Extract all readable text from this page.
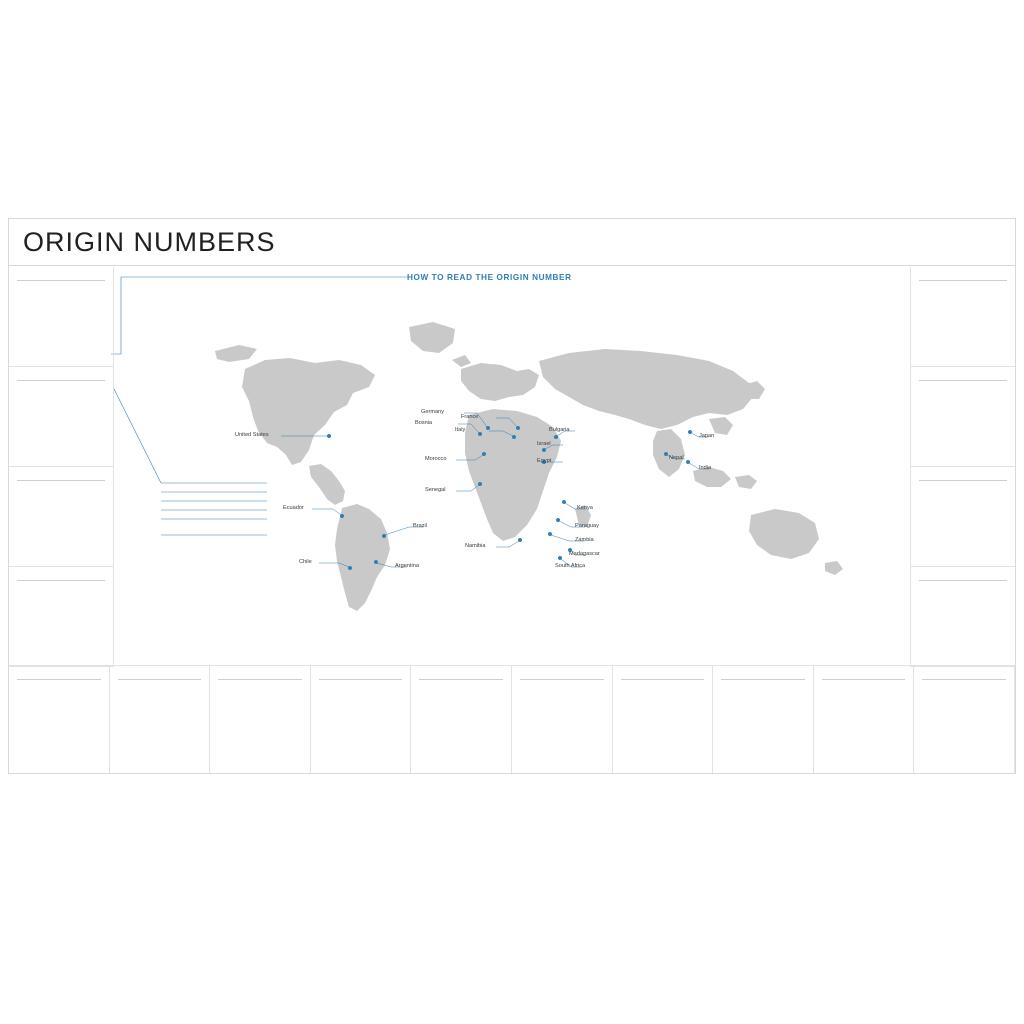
ORIGIN NUMBERS
HOW TO READ THE ORIGIN NUMBER
United States
Germany
Bosnia
France
Italy	Bulgaria
Israel
Morocco	Egypt	Nepal
Japan
India
Senegal
Ecuador	Kenya
Brazil	Paraguay
Namibia
Zambia
Madagascar
Chile
Argentina	South Africa
